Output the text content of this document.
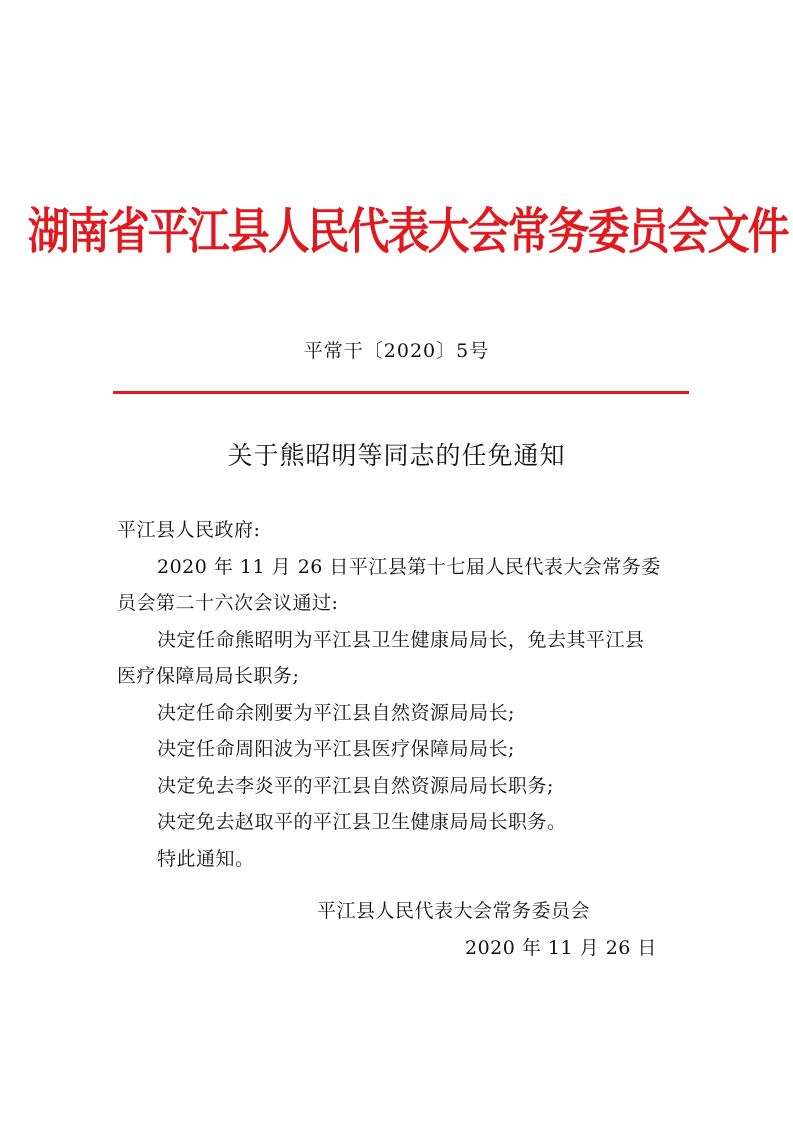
湖南省平江县人民代表大会常务委员会文件
平常干〔2020〕5号
关于熊昭明等同志的任免通知

平江县人民政府:

2020 年 11 月 26 日平江县第十七届人民代表大会常务委

员会第二十六次会议通过:

决定任命熊昭明为平江县卫生健康局局长，免去其平江县

医疗保障局局长职务;

决定任命余刚要为平江县自然资源局局长;

决定任命周阳波为平江县医疗保障局局长;

决定免去李炎平的平江县自然资源局局长职务;

决定免去赵取平的平江县卫生健康局局长职务。

特此通知。

平江县人民代表大会常务委员会
2020 年 11 月 26 日
